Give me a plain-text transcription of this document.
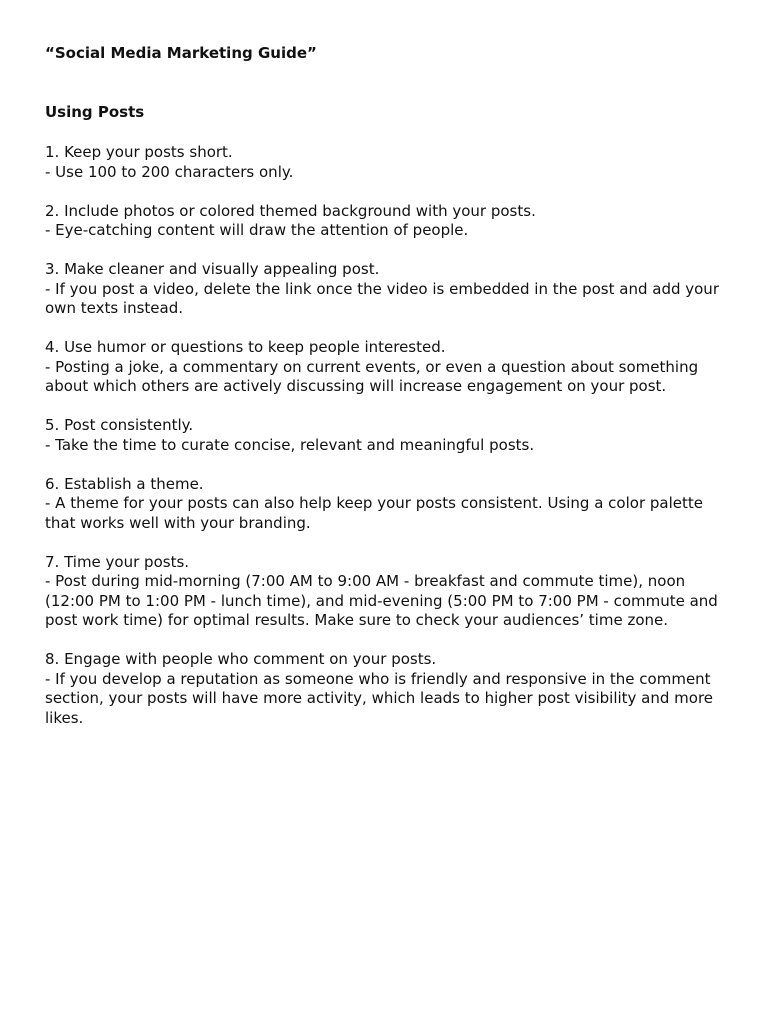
“Social Media Marketing Guide”

Using Posts

1. Keep your posts short.

- Use 100 to 200 characters only.

2. Include photos or colored themed background with your posts.

- Eye-catching content will draw the attention of people.

3. Make cleaner and visually appealing post.

- If you post a video, delete the link once the video is embedded in the post and add your own texts instead.

4. Use humor or questions to keep people interested.

- Posting a joke, a commentary on current events, or even a question about something about which others are actively discussing will increase engagement on your post.

5. Post consistently.

- Take the time to curate concise, relevant and meaningful posts.

6. Establish a theme.

- A theme for your posts can also help keep your posts consistent. Using a color palette that works well with your branding.

7. Time your posts.

- Post during mid-morning (7:00 AM to 9:00 AM - breakfast and commute time), noon (12:00 PM to 1:00 PM - lunch time), and mid-evening (5:00 PM to 7:00 PM - commute and post work time) for optimal results. Make sure to check your audiences’ time zone.

8. Engage with people who comment on your posts.

- If you develop a reputation as someone who is friendly and responsive in the comment section, your posts will have more activity, which leads to higher post visibility and more likes.
